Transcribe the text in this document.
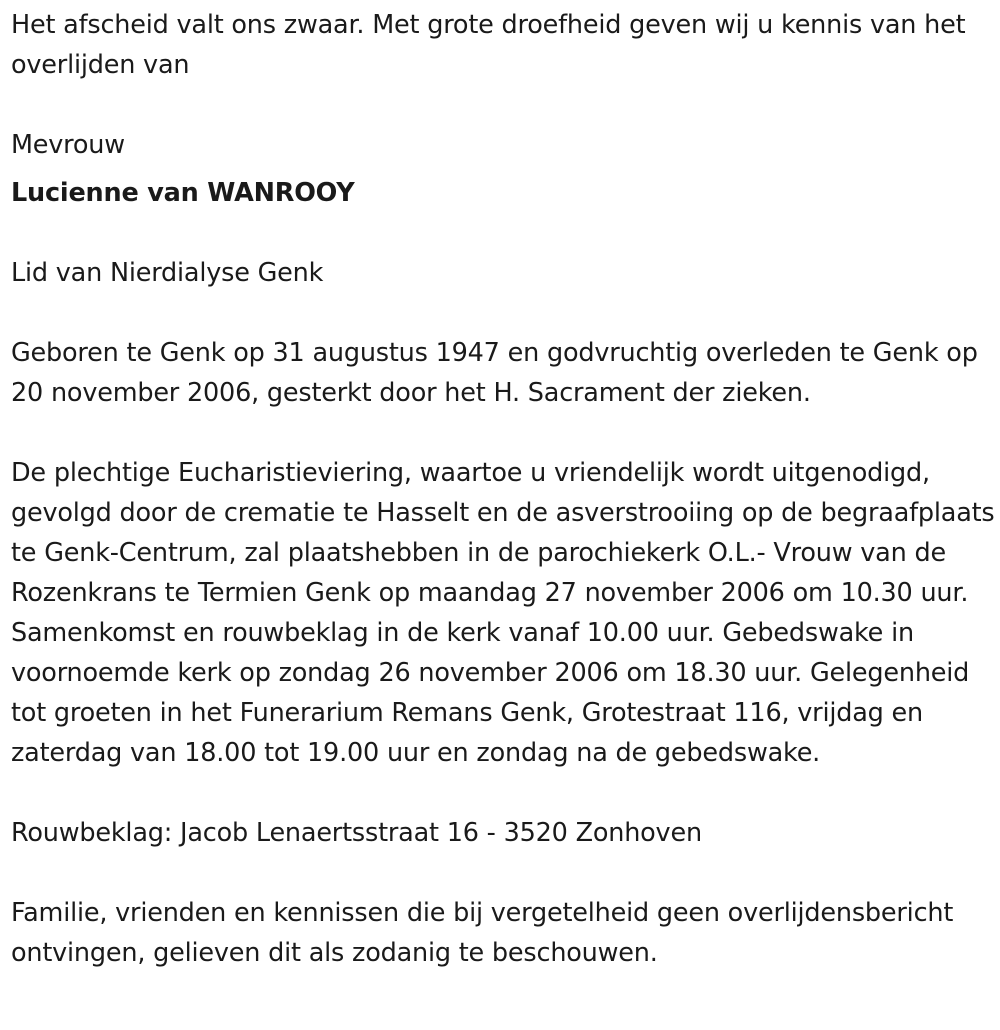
Het afscheid valt ons zwaar. Met grote droefheid geven wij u kennis van het overlijden van

Mevrouw

Lucienne van WANROOY

Lid van Nierdialyse Genk

Geboren te Genk op 31 augustus 1947 en godvruchtig overleden te Genk op 20 november 2006, gesterkt door het H. Sacrament der zieken.

De plechtige Eucharistieviering, waartoe u vriendelijk wordt uitgenodigd, gevolgd door de crematie te Hasselt en de asverstrooiing op de begraafplaats te Genk-Centrum, zal plaatshebben in de parochiekerk O.L.- Vrouw van de Rozenkrans te Termien Genk op maandag 27 november 2006 om 10.30 uur. Samenkomst en rouwbeklag in de kerk vanaf 10.00 uur. Gebedswake in voornoemde kerk op zondag 26 november 2006 om 18.30 uur. Gelegenheid tot groeten in het Funerarium Remans Genk, Grotestraat 116, vrijdag en zaterdag van 18.00 tot 19.00 uur en zondag na de gebedswake.

Rouwbeklag: Jacob Lenaertsstraat 16 - 3520 Zonhoven

Familie, vrienden en kennissen die bij vergetelheid geen overlijdensbericht ontvingen, gelieven dit als zodanig te beschouwen.
